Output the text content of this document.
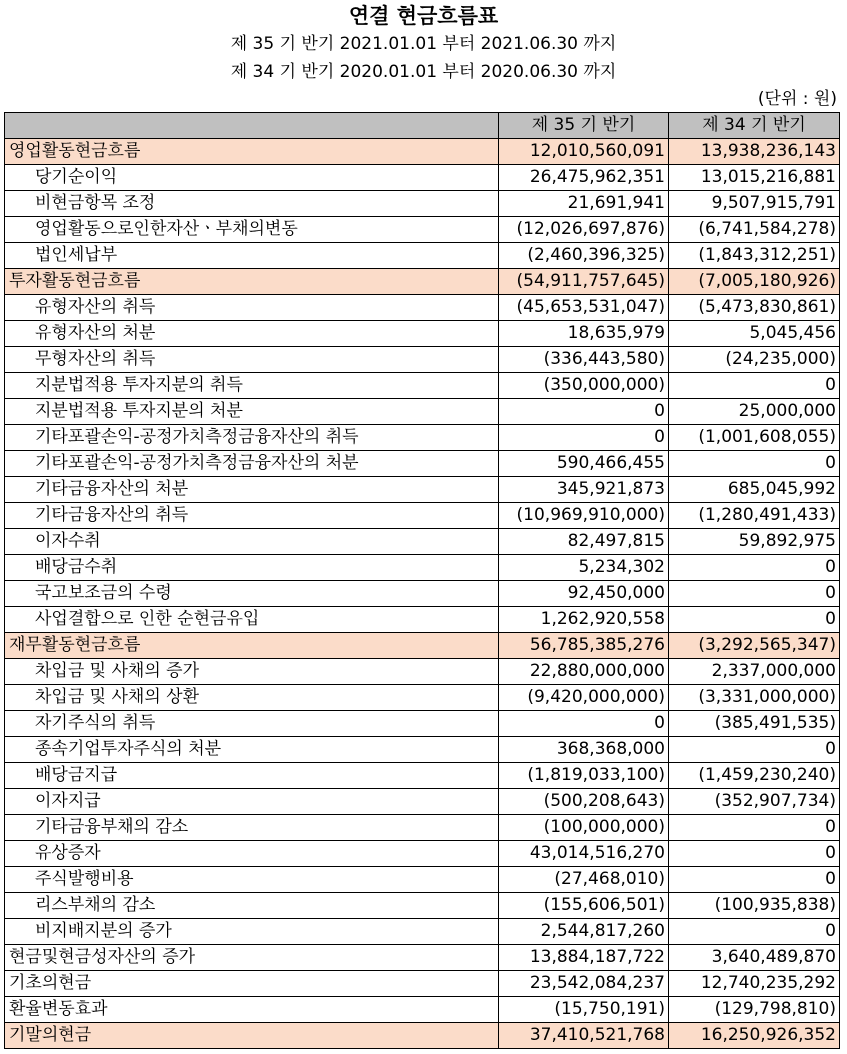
연결 현금흐름표
제 35 기 반기 2021.01.01 부터 2021.06.30 까지
제 34 기 반기 2020.01.01 부터 2020.06.30 까지
(단위 : 원)
	제 35 기 반기	제 34 기 반기
영업활동현금흐름	12,010,560,091	13,938,236,143
당기순이익	26,475,962,351	13,015,216,881
비현금항목 조정	21,691,941	9,507,915,791
영업활동으로인한자산ㆍ부채의변동	(12,026,697,876)	(6,741,584,278)
법인세납부	(2,460,396,325)	(1,843,312,251)
투자활동현금흐름	(54,911,757,645)	(7,005,180,926)
유형자산의 취득	(45,653,531,047)	(5,473,830,861)
유형자산의 처분	18,635,979	5,045,456
무형자산의 취득	(336,443,580)	(24,235,000)
지분법적용 투자지분의 취득	(350,000,000)	0
지분법적용 투자지분의 처분	0	25,000,000
기타포괄손익-공정가치측정금융자산의 취득	0	(1,001,608,055)
기타포괄손익-공정가치측정금융자산의 처분	590,466,455	0
기타금융자산의 처분	345,921,873	685,045,992
기타금융자산의 취득	(10,969,910,000)	(1,280,491,433)
이자수취	82,497,815	59,892,975
배당금수취	5,234,302	0
국고보조금의 수령	92,450,000	0
사업결합으로 인한 순현금유입	1,262,920,558	0
재무활동현금흐름	56,785,385,276	(3,292,565,347)
차입금 및 사채의 증가	22,880,000,000	2,337,000,000
차입금 및 사채의 상환	(9,420,000,000)	(3,331,000,000)
자기주식의 취득	0	(385,491,535)
종속기업투자주식의 처분	368,368,000	0
배당금지급	(1,819,033,100)	(1,459,230,240)
이자지급	(500,208,643)	(352,907,734)
기타금융부채의 감소	(100,000,000)	0
유상증자	43,014,516,270	0
주식발행비용	(27,468,010)	0
리스부채의 감소	(155,606,501)	(100,935,838)
비지배지분의 증가	2,544,817,260	0
현금및현금성자산의 증가	13,884,187,722	3,640,489,870
기초의현금	23,542,084,237	12,740,235,292
환율변동효과	(15,750,191)	(129,798,810)
기말의현금	37,410,521,768	16,250,926,352
